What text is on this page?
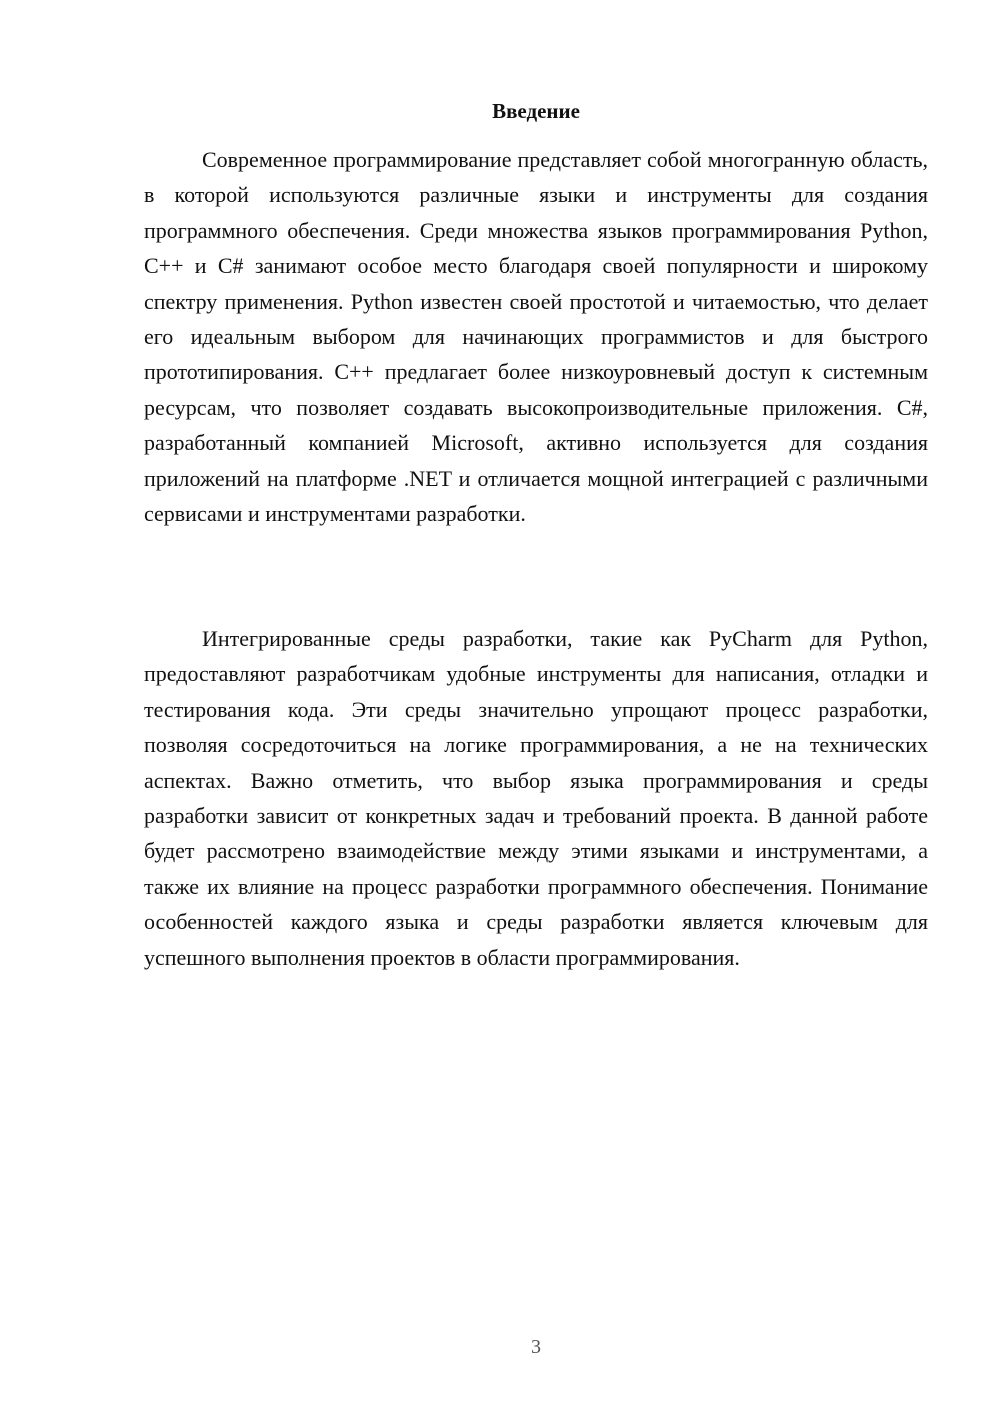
Введение

Современное программирование представляет собой многогранную область, в которой используются различные языки и инструменты для создания программного обеспечения. Среди множества языков программирования Python, C++ и C# занимают особое место благодаря своей популярности и широкому спектру применения. Python известен своей простотой и читаемостью, что делает его идеальным выбором для начинающих программистов и для быстрого прототипирования. C++ предлагает более низкоуровневый доступ к системным ресурсам, что позволяет создавать высокопроизводительные приложения. C#, разработанный компанией Microsoft, активно используется для создания приложений на платформе .NET и отличается мощной интеграцией с различными сервисами и инструментами разработки.

Интегрированные среды разработки, такие как PyCharm для Python, предоставляют разработчикам удобные инструменты для написания, отладки и тестирования кода. Эти среды значительно упрощают процесс разработки, позволяя сосредоточиться на логике программирования, а не на технических аспектах. Важно отметить, что выбор языка программирования и среды разработки зависит от конкретных задач и требований проекта. В данной работе будет рассмотрено взаимодействие между этими языками и инструментами, а также их влияние на процесс разработки программного обеспечения. Понимание особенностей каждого языка и среды разработки является ключевым для успешного выполнения проектов в области программирования.

3
